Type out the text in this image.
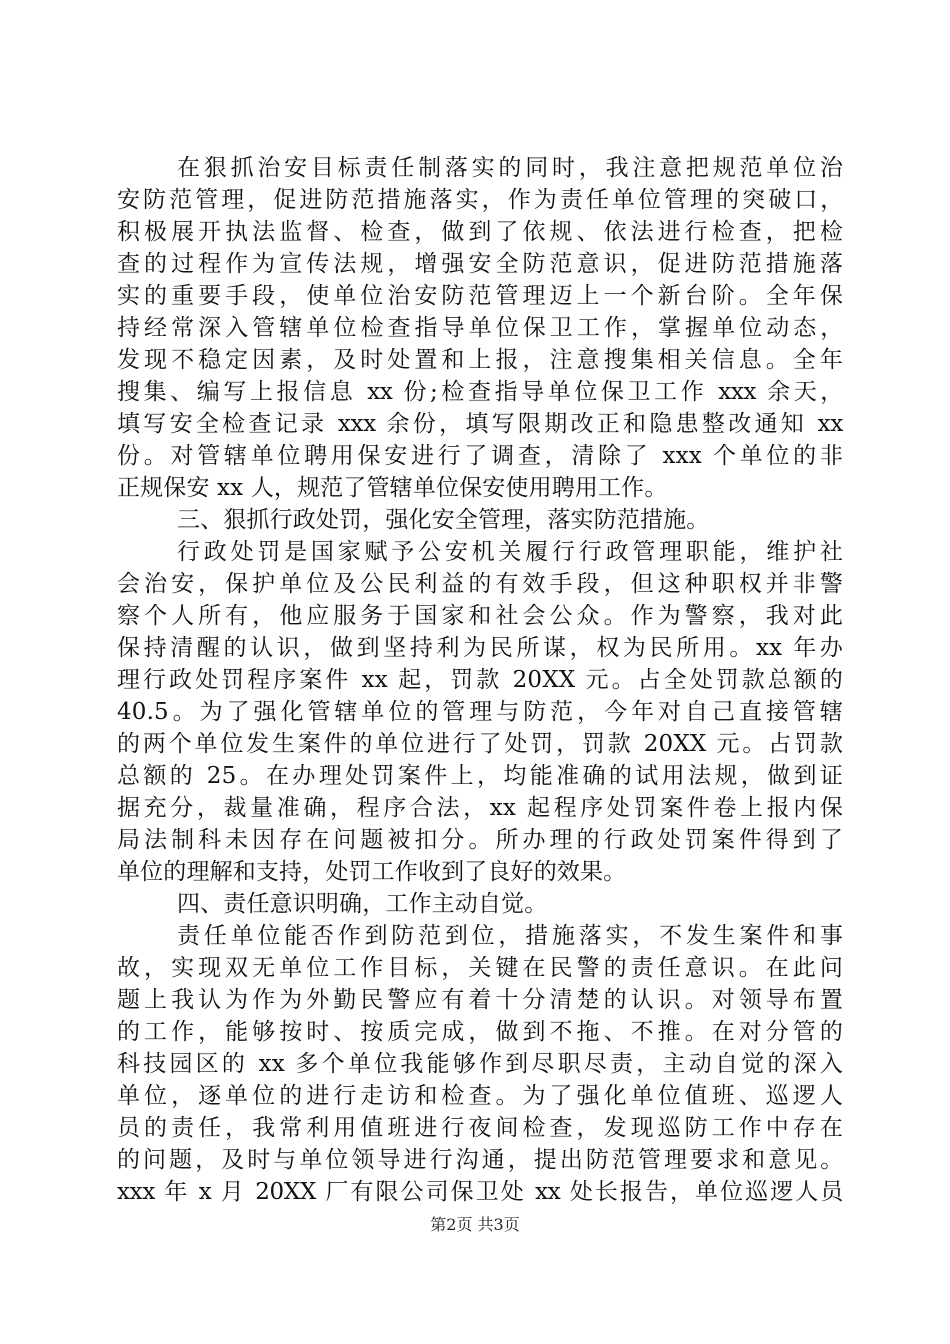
在狠抓治安目标责任制落实的同时，我注意把规范单位治
安防范管理，促进防范措施落实，作为责任单位管理的突破口，
积极展开执法监督、检查，做到了依规、依法进行检查，把检
查的过程作为宣传法规，增强安全防范意识，促进防范措施落
实的重要手段，使单位治安防范管理迈上一个新台阶。全年保
持经常深入管辖单位检查指导单位保卫工作，掌握单位动态，
发现不稳定因素，及时处置和上报，注意搜集相关信息。全年
搜集、编写上报信息 xx 份;检查指导单位保卫工作 xxx 余天，
填写安全检查记录 xxx 余份，填写限期改正和隐患整改通知 xx
份。对管辖单位聘用保安进行了调查，清除了 xxx 个单位的非
正规保安 xx 人，规范了管辖单位保安使用聘用工作。
三、狠抓行政处罚，强化安全管理，落实防范措施。
行政处罚是国家赋予公安机关履行行政管理职能，维护社
会治安，保护单位及公民利益的有效手段，但这种职权并非警
察个人所有，他应服务于国家和社会公众。作为警察，我对此
保持清醒的认识，做到坚持利为民所谋，权为民所用。xx 年办
理行政处罚程序案件 xx 起，罚款 20XX 元。占全处罚款总额的
40.5。为了强化管辖单位的管理与防范，今年对自己直接管辖
的两个单位发生案件的单位进行了处罚，罚款 20XX 元。占罚款
总额的 25。在办理处罚案件上，均能准确的试用法规，做到证
据充分，裁量准确，程序合法，xx 起程序处罚案件卷上报内保
局法制科未因存在问题被扣分。所办理的行政处罚案件得到了
单位的理解和支持，处罚工作收到了良好的效果。
四、责任意识明确，工作主动自觉。
责任单位能否作到防范到位，措施落实，不发生案件和事
故，实现双无单位工作目标，关键在民警的责任意识。在此问
题上我认为作为外勤民警应有着十分清楚的认识。对领导布置
的工作，能够按时、按质完成，做到不拖、不推。在对分管的
科技园区的 xx 多个单位我能够作到尽职尽责，主动自觉的深入
单位，逐单位的进行走访和检查。为了强化单位值班、巡逻人
员的责任，我常利用值班进行夜间检查，发现巡防工作中存在
的问题，及时与单位领导进行沟通，提出防范管理要求和意见。
xxx 年 x 月 20XX 厂有限公司保卫处 xx 处长报告，单位巡逻人员
第2页 共3页
